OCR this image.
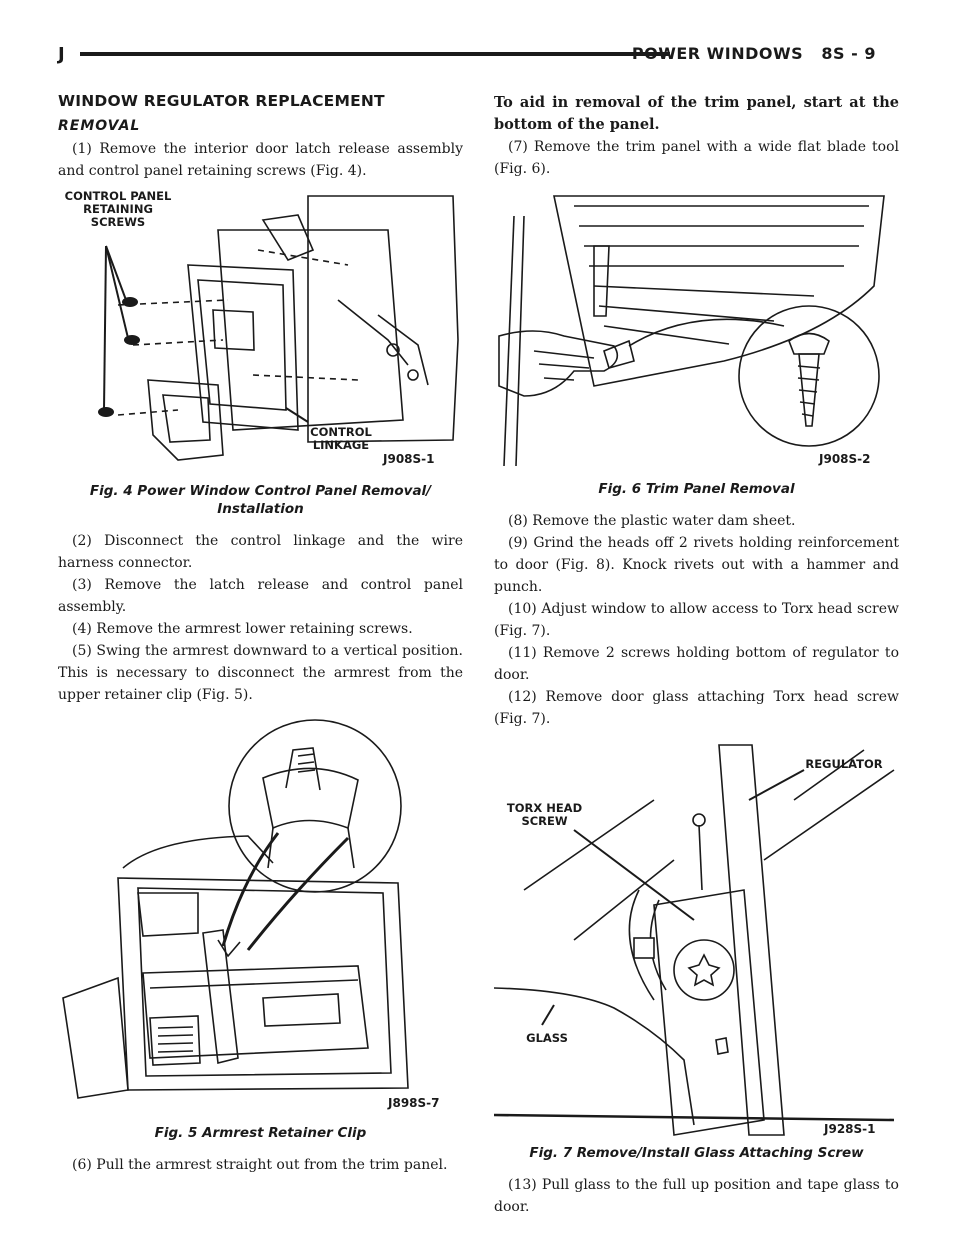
J	POWER WINDOWS 8S - 9
WINDOW REGULATOR REPLACEMENT
REMOVAL

(1) Remove the interior door latch release assembly and control panel retaining screws (Fig. 4).

CONTROL PANEL RETAINING SCREWS
CONTROL LINKAGE
J908S-1
Fig. 4 Power Window Control Panel Removal/ Installation

(2) Disconnect the control linkage and the wire harness connector.

(3) Remove the latch release and control panel assembly.

(4) Remove the armrest lower retaining screws.

(5) Swing the armrest downward to a vertical position. This is necessary to disconnect the armrest from the upper retainer clip (Fig. 5).

J898S-7
Fig. 5 Armrest Retainer Clip

(6) Pull the armrest straight out from the trim panel.

To aid in removal of the trim panel, start at the bottom of the panel.

(7) Remove the trim panel with a wide flat blade tool (Fig. 6).

J908S-2
Fig. 6 Trim Panel Removal

(8) Remove the plastic water dam sheet.

(9) Grind the heads off 2 rivets holding reinforcement to door (Fig. 8). Knock rivets out with a hammer and punch.

(10) Adjust window to allow access to Torx head screw (Fig. 7).

(11) Remove 2 screws holding bottom of regulator to door.

(12) Remove door glass attaching Torx head screw (Fig. 7).

REGULATOR
TORX HEAD SCREW
GLASS
J928S-1
Fig. 7 Remove/Install Glass Attaching Screw

(13) Pull glass to the full up position and tape glass to door.
